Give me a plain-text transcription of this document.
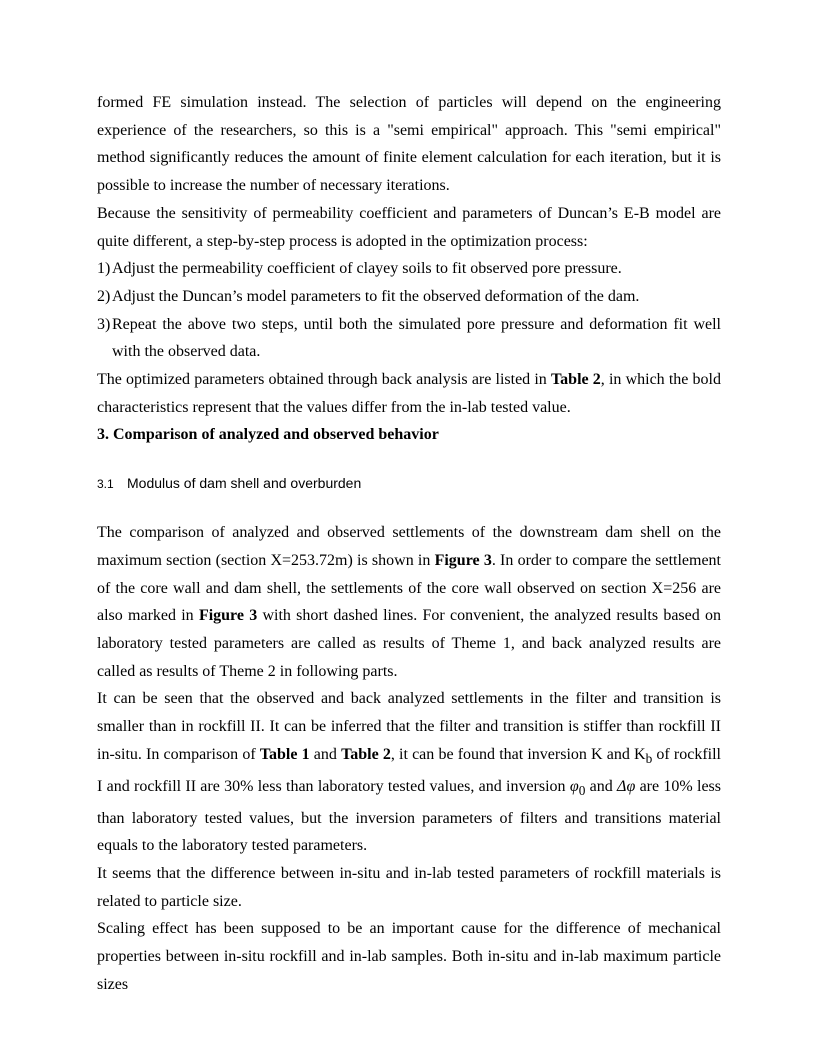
formed FE simulation instead. The selection of particles will depend on the engineering experience of the researchers, so this is a "semi empirical" approach. This "semi empirical" method significantly reduces the amount of finite element calculation for each iteration, but it is possible to increase the number of necessary iterations.

Because the sensitivity of permeability coefficient and parameters of Duncan’s E-B model are quite different, a step-by-step process is adopted in the optimization process:

1) Adjust the permeability coefficient of clayey soils to fit observed pore pressure.
2) Adjust the Duncan’s model parameters to fit the observed deformation of the dam.
3) Repeat the above two steps, until both the simulated pore pressure and deformation fit well with the observed data.

The optimized parameters obtained through back analysis are listed in Table 2, in which the bold characteristics represent that the values differ from the in-lab tested value.

3. Comparison of analyzed and observed behavior

3.1 Modulus of dam shell and overburden

The comparison of analyzed and observed settlements of the downstream dam shell on the maximum section (section X=253.72m) is shown in Figure 3. In order to compare the settlement of the core wall and dam shell, the settlements of the core wall observed on section X=256 are also marked in Figure 3 with short dashed lines. For convenient, the analyzed results based on laboratory tested parameters are called as results of Theme 1, and back analyzed results are called as results of Theme 2 in following parts.

It can be seen that the observed and back analyzed settlements in the filter and transition is smaller than in rockfill II. It can be inferred that the filter and transition is stiffer than rockfill II in-situ. In comparison of Table 1 and Table 2, it can be found that inversion K and $K_b$ of rockfill I and rockfill II are 30% less than laboratory tested values, and inversion $\varphi_0$ and Δφ are 10% less than laboratory tested values, but the inversion parameters of filters and transitions material equals to the laboratory tested parameters.

It seems that the difference between in-situ and in-lab tested parameters of rockfill materials is related to particle size.

Scaling effect has been supposed to be an important cause for the difference of mechanical properties between in-situ rockfill and in-lab samples. Both in-situ and in-lab maximum particle sizes
